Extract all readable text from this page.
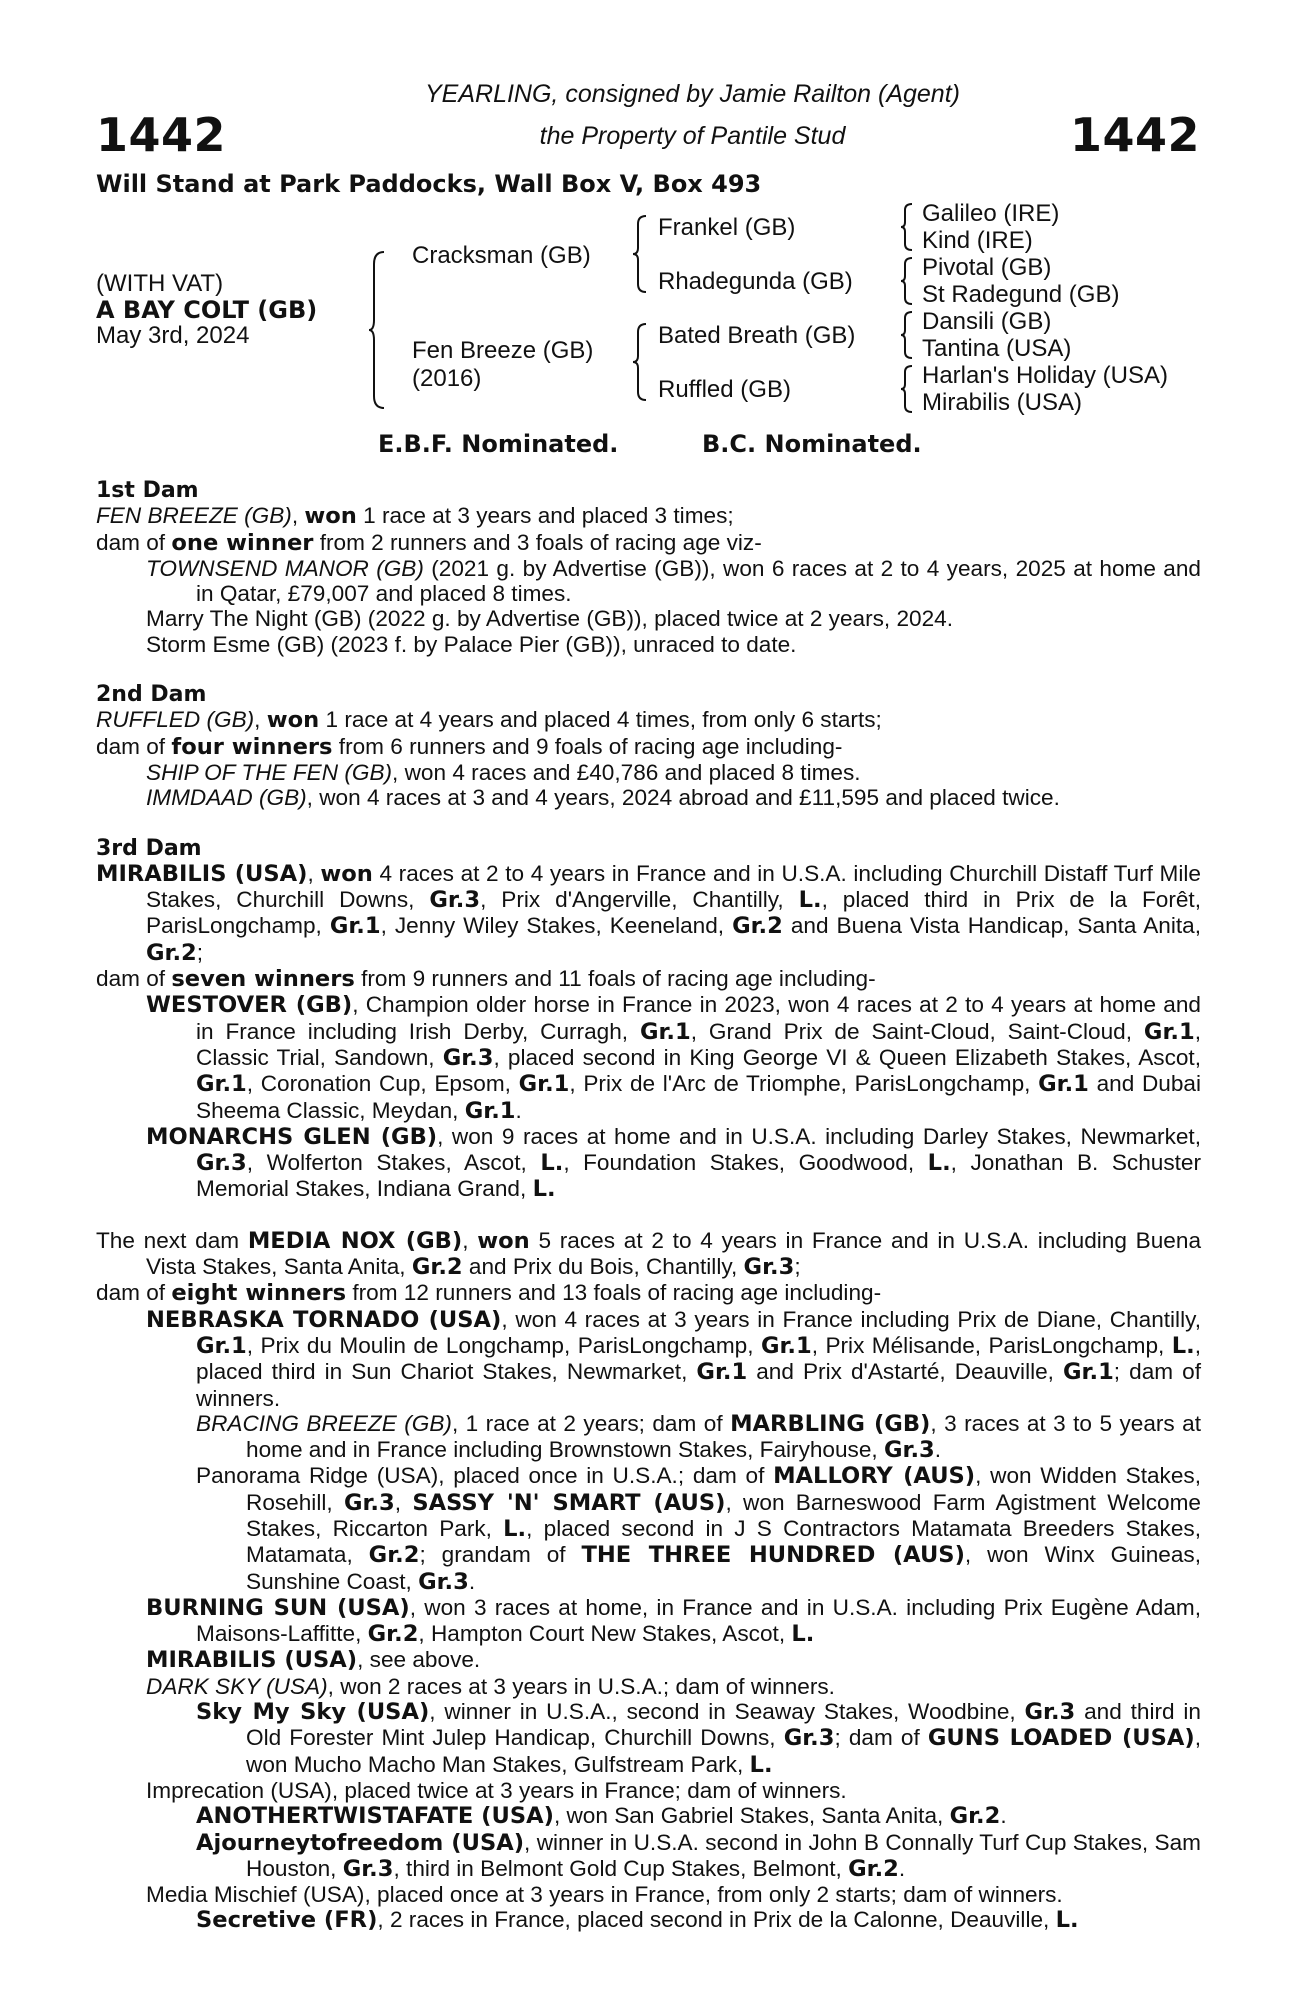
1442	1442
YEARLING, consigned by Jamie Railton (Agent)
the Property of Pantile Stud
Will Stand at Park Paddocks, Wall Box V, Box 493
(WITH VAT)
A BAY COLT (GB)
May 3rd, 2024
Cracksman (GB)
Fen Breeze (GB)
(2016)
Frankel (GB)
Rhadegunda (GB)
Bated Breath (GB)
Ruffled (GB)
Galileo (IRE)
Kind (IRE)
Pivotal (GB)
St Radegund (GB)
Dansili (GB)
Tantina (USA)
Harlan's Holiday (USA)
Mirabilis (USA)
E.B.F. Nominated.	B.C. Nominated.
1st Dam
FEN BREEZE (GB), won 1 race at 3 years and placed 3 times;
dam of one winner from 2 runners and 3 foals of racing age viz-
TOWNSEND MANOR (GB) (2021 g. by Advertise (GB)), won 6 races at 2 to 4 years, 2025 at home and in Qatar, £79,007 and placed 8 times.
Marry The Night (GB) (2022 g. by Advertise (GB)), placed twice at 2 years, 2024.
Storm Esme (GB) (2023 f. by Palace Pier (GB)), unraced to date.
2nd Dam
RUFFLED (GB), won 1 race at 4 years and placed 4 times, from only 6 starts;
dam of four winners from 6 runners and 9 foals of racing age including-
SHIP OF THE FEN (GB), won 4 races and £40,786 and placed 8 times.
IMMDAAD (GB), won 4 races at 3 and 4 years, 2024 abroad and £11,595 and placed twice.
3rd Dam
MIRABILIS (USA), won 4 races at 2 to 4 years in France and in U.S.A. including Churchill Distaff Turf Mile Stakes, Churchill Downs, Gr.3, Prix d'Angerville, Chantilly, L., placed third in Prix de la Forêt, ParisLongchamp, Gr.1, Jenny Wiley Stakes, Keeneland, Gr.2 and Buena Vista Handicap, Santa Anita, Gr.2;
dam of seven winners from 9 runners and 11 foals of racing age including-
WESTOVER (GB), Champion older horse in France in 2023, won 4 races at 2 to 4 years at home and in France including Irish Derby, Curragh, Gr.1, Grand Prix de Saint-Cloud, Saint-Cloud, Gr.1, Classic Trial, Sandown, Gr.3, placed second in King George VI & Queen Elizabeth Stakes, Ascot, Gr.1, Coronation Cup, Epsom, Gr.1, Prix de l'Arc de Triomphe, ParisLongchamp, Gr.1 and Dubai Sheema Classic, Meydan, Gr.1.
MONARCHS GLEN (GB), won 9 races at home and in U.S.A. including Darley Stakes, Newmarket, Gr.3, Wolferton Stakes, Ascot, L., Foundation Stakes, Goodwood, L., Jonathan B. Schuster Memorial Stakes, Indiana Grand, L.
The next dam MEDIA NOX (GB), won 5 races at 2 to 4 years in France and in U.S.A. including Buena Vista Stakes, Santa Anita, Gr.2 and Prix du Bois, Chantilly, Gr.3;
dam of eight winners from 12 runners and 13 foals of racing age including-
NEBRASKA TORNADO (USA), won 4 races at 3 years in France including Prix de Diane, Chantilly, Gr.1, Prix du Moulin de Longchamp, ParisLongchamp, Gr.1, Prix Mélisande, ParisLongchamp, L., placed third in Sun Chariot Stakes, Newmarket, Gr.1 and Prix d'Astarté, Deauville, Gr.1; dam of winners.
BRACING BREEZE (GB), 1 race at 2 years; dam of MARBLING (GB), 3 races at 3 to 5 years at home and in France including Brownstown Stakes, Fairyhouse, Gr.3.
Panorama Ridge (USA), placed once in U.S.A.; dam of MALLORY (AUS), won Widden Stakes, Rosehill, Gr.3, SASSY 'N' SMART (AUS), won Barneswood Farm Agistment Welcome Stakes, Riccarton Park, L., placed second in J S Contractors Matamata Breeders Stakes, Matamata, Gr.2; grandam of THE THREE HUNDRED (AUS), won Winx Guineas, Sunshine Coast, Gr.3.
BURNING SUN (USA), won 3 races at home, in France and in U.S.A. including Prix Eugène Adam, Maisons-Laffitte, Gr.2, Hampton Court New Stakes, Ascot, L.
MIRABILIS (USA), see above.
DARK SKY (USA), won 2 races at 3 years in U.S.A.; dam of winners.
Sky My Sky (USA), winner in U.S.A., second in Seaway Stakes, Woodbine, Gr.3 and third in Old Forester Mint Julep Handicap, Churchill Downs, Gr.3; dam of GUNS LOADED (USA), won Mucho Macho Man Stakes, Gulfstream Park, L.
Imprecation (USA), placed twice at 3 years in France; dam of winners.
ANOTHERTWISTAFATE (USA), won San Gabriel Stakes, Santa Anita, Gr.2.
Ajourneytofreedom (USA), winner in U.S.A. second in John B Connally Turf Cup Stakes, Sam Houston, Gr.3, third in Belmont Gold Cup Stakes, Belmont, Gr.2.
Media Mischief (USA), placed once at 3 years in France, from only 2 starts; dam of winners.
Secretive (FR), 2 races in France, placed second in Prix de la Calonne, Deauville, L.
